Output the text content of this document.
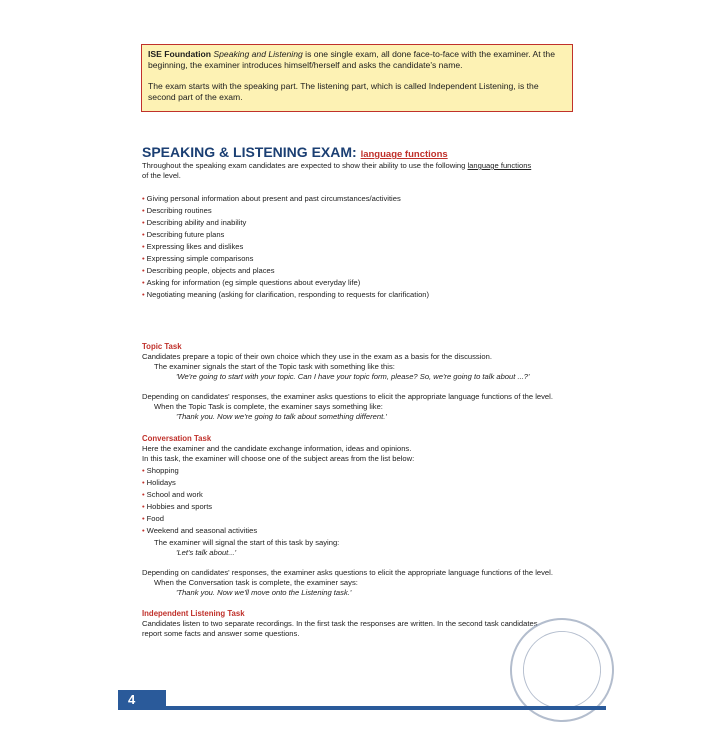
ISE Foundation Speaking and Listening is one single exam, all done face-to-face with the examiner. At the beginning, the examiner introduces himself/herself and asks the candidate's name.

The exam starts with the speaking part. The listening part, which is called Independent Listening, is the second part of the exam.

SPEAKING & LISTENING EXAM: language functions
Throughout the speaking exam candidates are expected to show their ability to use the following language functions
of the level.
• Giving personal information about present and past circumstances/activities
• Describing routines
• Describing ability and inability
• Describing future plans
• Expressing likes and dislikes
• Expressing simple comparisons
• Describing people, objects and places
• Asking for information (eg simple questions about everyday life)
• Negotiating meaning (asking for clarification, responding to requests for clarification)
Topic Task
Candidates prepare a topic of their own choice which they use in the exam as a basis for the discussion.
The examiner signals the start of the Topic task with something like this:
'We're going to start with your topic. Can I have your topic form, please? So, we're going to talk about ...?'
Depending on candidates' responses, the examiner asks questions to elicit the appropriate language functions of the level.
When the Topic Task is complete, the examiner says something like:
'Thank you. Now we're going to talk about something different.'
Conversation Task
Here the examiner and the candidate exchange information, ideas and opinions.
In this task, the examiner will choose one of the subject areas from the list below:
• Shopping
• Holidays
• School and work
• Hobbies and sports
• Food
• Weekend and seasonal activities
The examiner will signal the start of this task by saying:
'Let's talk about...'
Depending on candidates' responses, the examiner asks questions to elicit the appropriate language functions of the level.
When the Conversation task is complete, the examiner says:
'Thank you. Now we'll move onto the Listening task.'
Independent Listening Task
Candidates listen to two separate recordings. In the first task the responses are written. In the second task candidates
report some facts and answer some questions.
4
